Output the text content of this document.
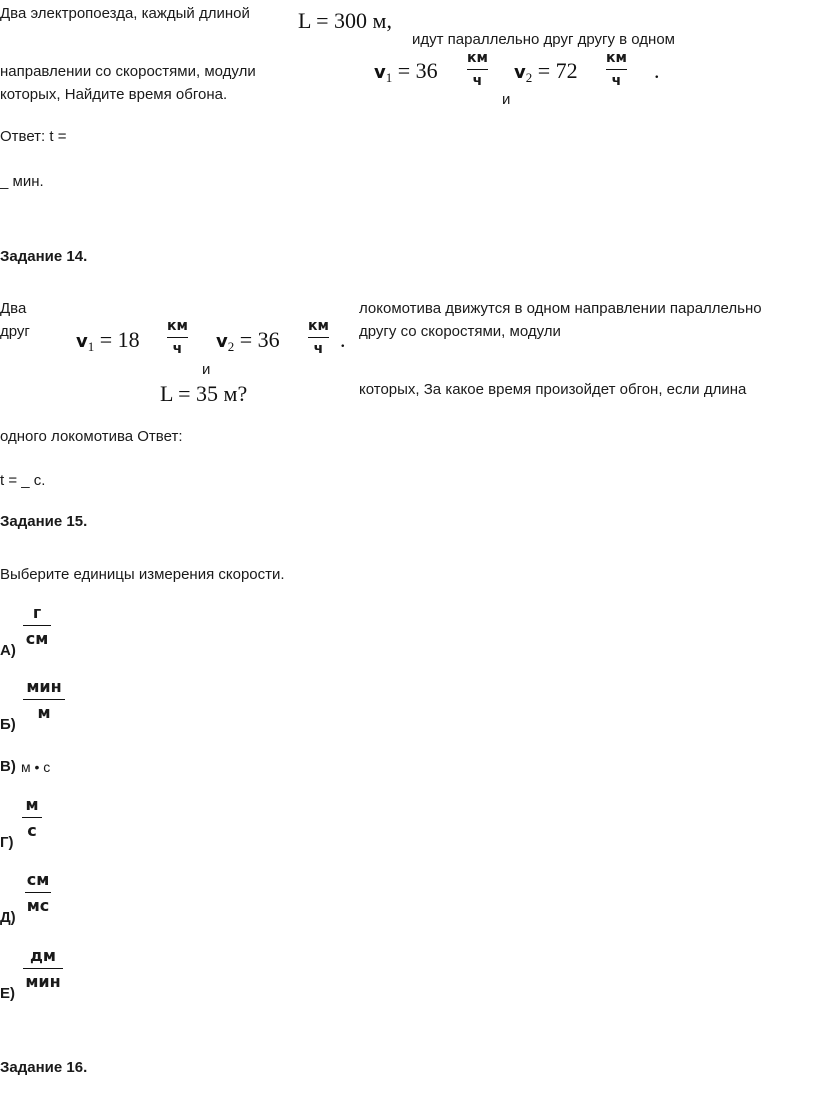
Два электропоезда, каждый длиной L = 300 м,
идут параллельно друг другу в одном
направлении со скоростями, модули
которых, Найдите время обгона.
$v_1 = 36$ км
ч $v_2 = 72$ км
ч .
и
Ответ: t =
_ мин.
Задание 14.
Два
друг
локомотива движутся в одном направлении параллельно
другу со скоростями, модули
$v_1 = 18$
км
ч $v_2 = 36$
км
ч .
и
L = 35 м?	которых, За какое время произойдет обгон, если длина
одного локомотива Ответ:
t = _ с.
Задание 15.
Выберите единицы измерения скорости.
А)
г
см
Б)
мин
м
В) м • с
Г)
м
с
Д)
см
мс
Е)
дм
мин
Задание 16.
